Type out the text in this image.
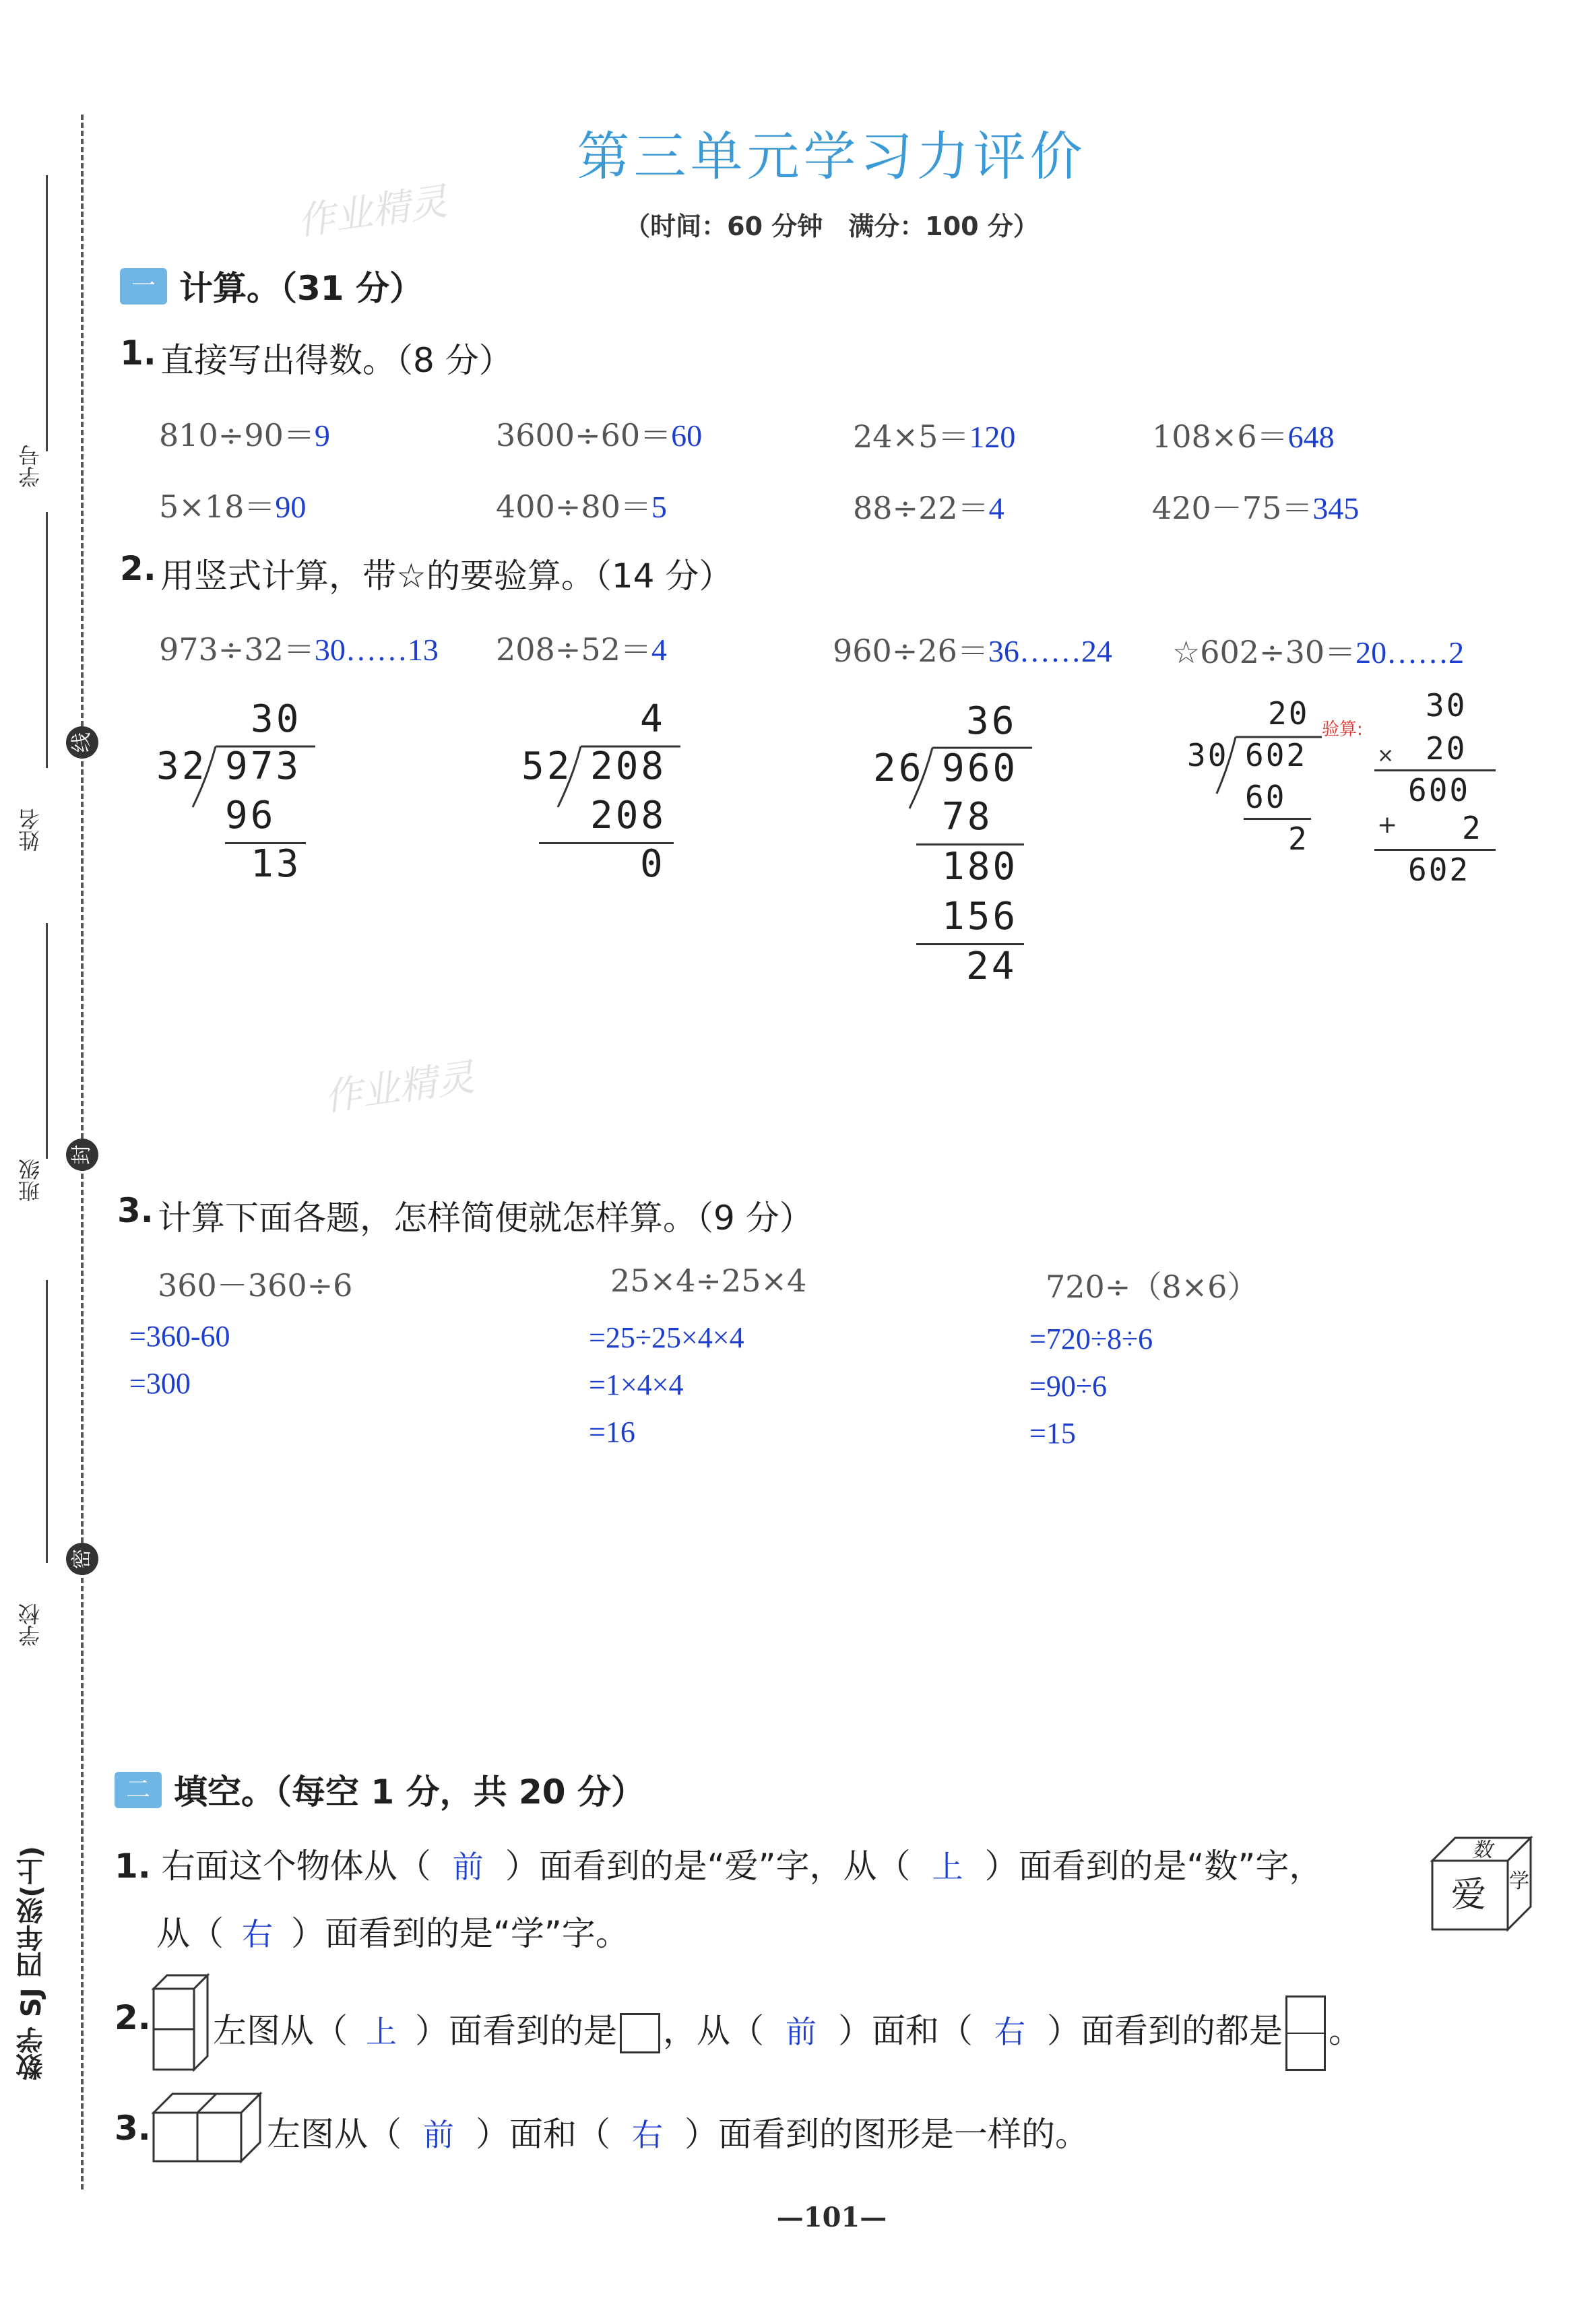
学号
姓名
班级
学校
线
封
密
数学 SJ 四年级(上)
作业精灵
作业精灵
第三单元学习力评价
（时间：60 分钟　满分：100 分）
一 计算。（31 分）
1. 直接写出得数。（8 分）
810÷90＝9	3600÷60＝60	24×5＝120	108×6＝648
5×18＝90	400÷80＝5	88÷22＝4	420－75＝345
2. 用竖式计算，带☆的要验算。（14 分）
973÷32＝30……13 208÷52＝4	960÷26＝36……24 ☆602÷30＝20……2
30
32 973
96
13
4
52 208
208
0
36
26 960
78
180
156
24
20
30 602
60
2
验算:
30
× 20
600
+ 2
602
3. 计算下面各题，怎样简便就怎样算。（9 分）
360－360÷6
=360-60
=300
25×4÷25×4
=25÷25×4×4
=1×4×4
=16
720÷（8×6）
=720÷8÷6
=90÷6
=15
二 填空。（每空 1 分，共 20 分）
1. 右面这个物体从（ 前 ）面看到的是“爱”字，从（ 上 ）面看到的是“数”字，
从（ 右 ）面看到的是“学”字。
数
爱 学
2. 左图从（ 上 ）面看到的是 ，从（ 前 ）面和（ 右 ）面看到的都是 。
3.	左图从（ 前 ）面和（ 右 ）面看到的图形是一样的。
—101—
